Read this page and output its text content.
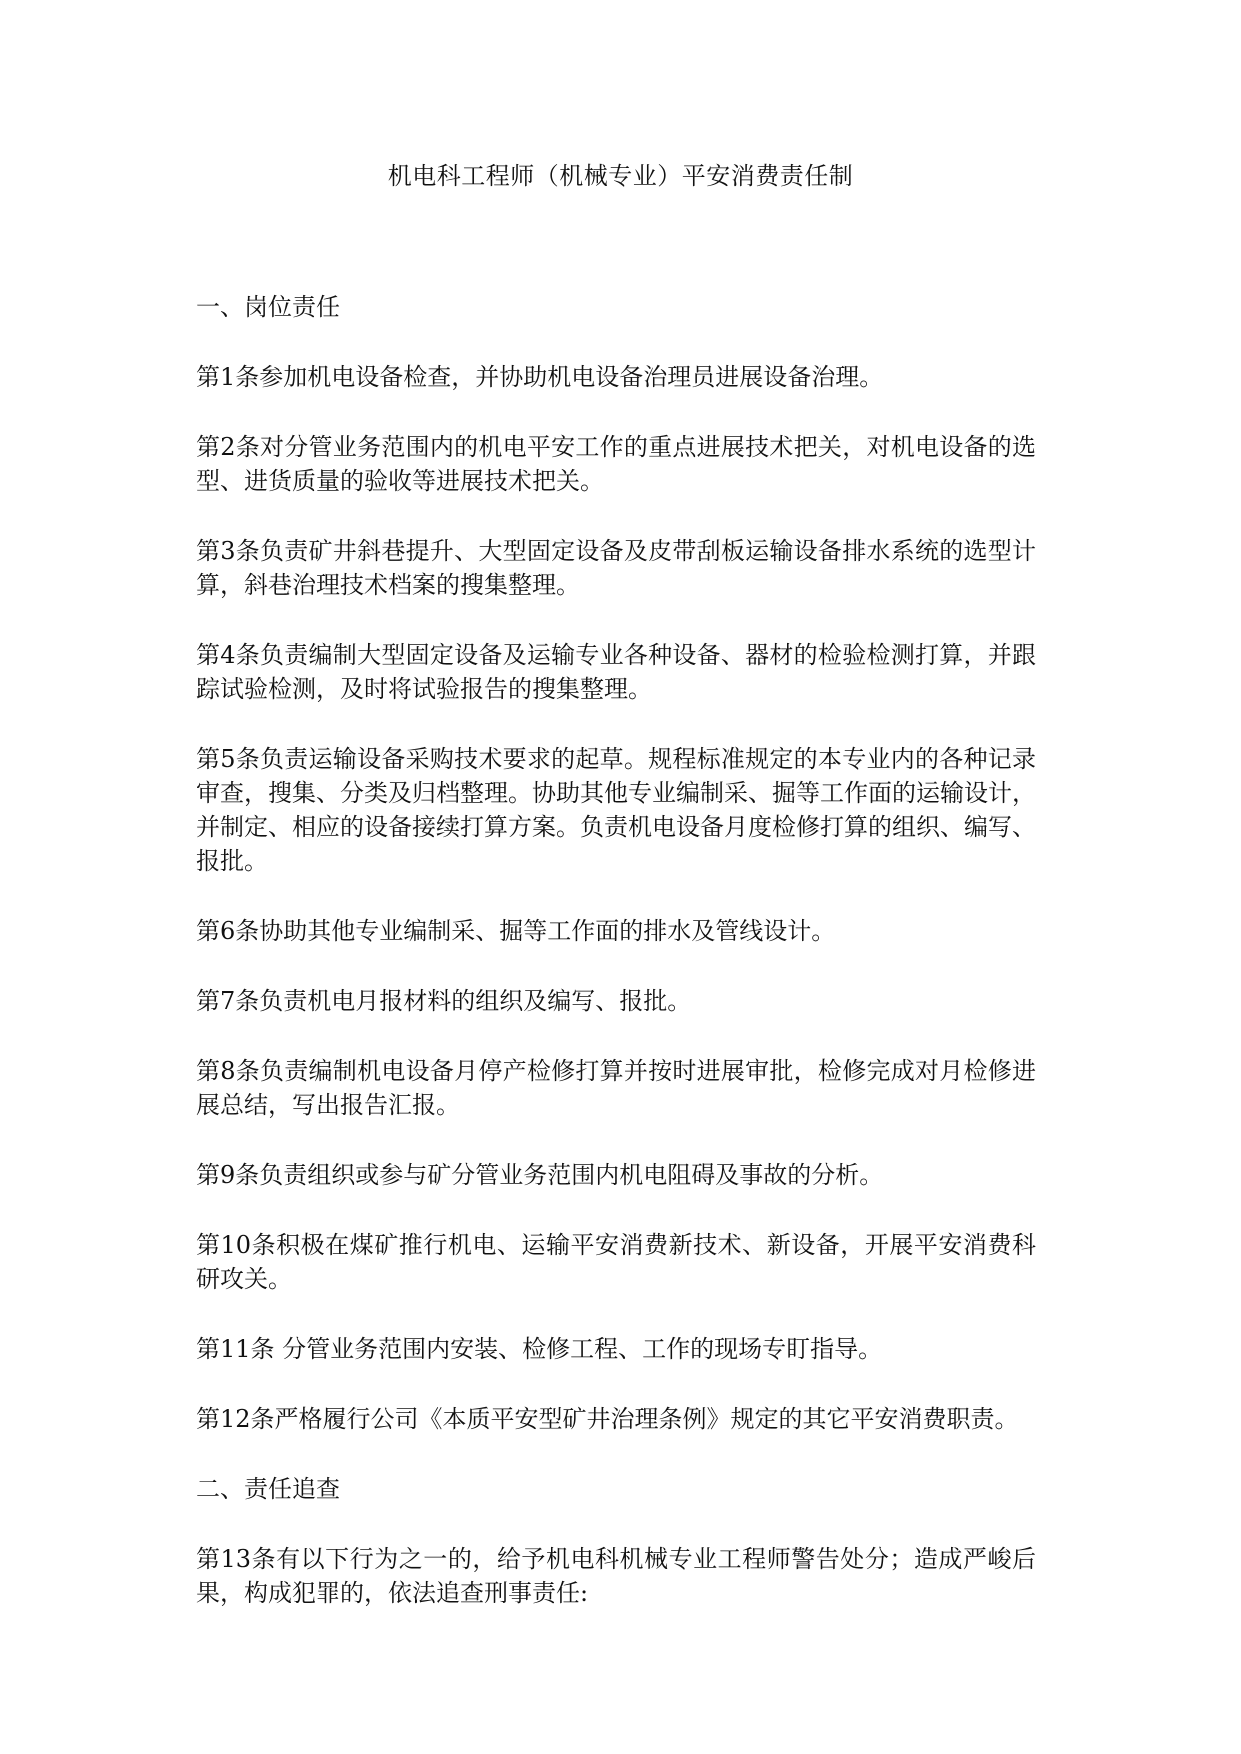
机电科工程师（机械专业）平安消费责任制

一、岗位责任

第1条参加机电设备检查，并协助机电设备治理员进展设备治理。

第2条对分管业务范围内的机电平安工作的重点进展技术把关，对机电设备的选型、进货质量的验收等进展技术把关。

第3条负责矿井斜巷提升、大型固定设备及皮带刮板运输设备排水系统的选型计算，斜巷治理技术档案的搜集整理。

第4条负责编制大型固定设备及运输专业各种设备、器材的检验检测打算，并跟踪试验检测，及时将试验报告的搜集整理。

第5条负责运输设备采购技术要求的起草。规程标准规定的本专业内的各种记录审查，搜集、分类及归档整理。协助其他专业编制采、掘等工作面的运输设计，并制定、相应的设备接续打算方案。负责机电设备月度检修打算的组织、编写、报批。

第6条协助其他专业编制采、掘等工作面的排水及管线设计。

第7条负责机电月报材料的组织及编写、报批。

第8条负责编制机电设备月停产检修打算并按时进展审批，检修完成对月检修进展总结，写出报告汇报。

第9条负责组织或参与矿分管业务范围内机电阻碍及事故的分析。

第10条积极在煤矿推行机电、运输平安消费新技术、新设备，开展平安消费科研攻关。

第11条 分管业务范围内安装、检修工程、工作的现场专盯指导。

第12条严格履行公司《本质平安型矿井治理条例》规定的其它平安消费职责。

二、责任追查

第13条有以下行为之一的，给予机电科机械专业工程师警告处分；造成严峻后果，构成犯罪的，依法追查刑事责任:
